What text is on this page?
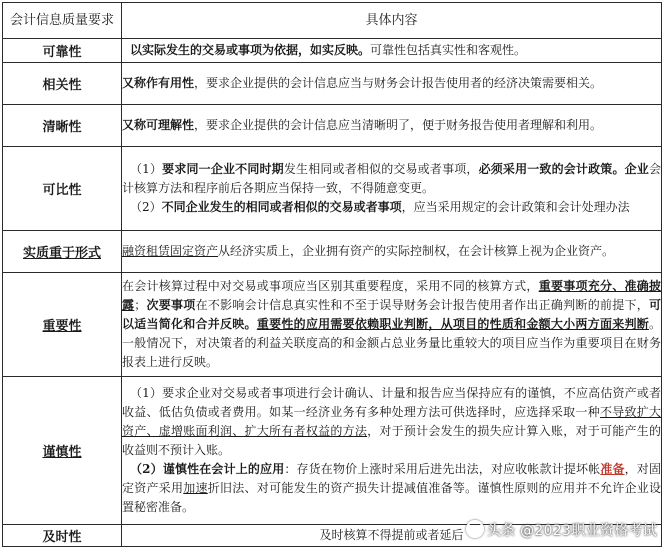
会计信息质量要求	具体内容
可靠性	以实际发生的交易或事项为依据，如实反映。可靠性包括真实性和客观性。
相关性	又称作有用性，要求企业提供的会计信息应当与财务会计报告使用者的经济决策需要相关。
清晰性	又称可理解性，要求企业提供的会计信息应当清晰明了，便于财务报告使用者理解和利用。
可比性	（1）要求同一企业不同时期发生相同或者相似的交易或者事项，必须采用一致的会计政策。企业会计核算方法和程序前后各期应当保持一致，不得随意变更。

（2）不同企业发生的相同或者相似的交易或者事项，应当采用规定的会计政策和会计处理办法

实质重于形式	融资租赁固定资产从经济实质上，企业拥有资产的实际控制权，在会计核算上视为企业资产。
重要性	在会计核算过程中对交易或事项应当区别其重要程度，采用不同的核算方式，重要事项充分、准确披露；次要事项在不影响会计信息真实性和不至于误导财务会计报告使用者作出正确判断的前提下，可以适当简化和合并反映。重要性的应用需要依赖职业判断，从项目的性质和金额大小两方面来判断。一般情况下，对决策者的利益关联度高的和金额占总业务量比重较大的项目应当作为重要项目在财务报表上进行反映。
谨慎性	（1）要求企业对交易或者事项进行会计确认、计量和报告应当保持应有的谨慎，不应高估资产或者收益、低估负债或者费用。如某一经济业务有多种处理方法可供选择时，应选择采取一种不导致扩大资产、虚增账面利润、扩大所有者权益的方法，对于预计会发生的损失应计算入账，对于可能产生的收益则不预计入账。

（2）谨慎性在会计上的应用：存货在物价上涨时采用后进先出法，对应收帐款计提坏帐准备，对固定资产采用加速折旧法、对可能发生的资产损失计提减值准备等。谨慎性原则的应用并不允许企业设置秘密准备。

及时性	及时核算不得提前或者延后	头条 @2023职业资格考试
